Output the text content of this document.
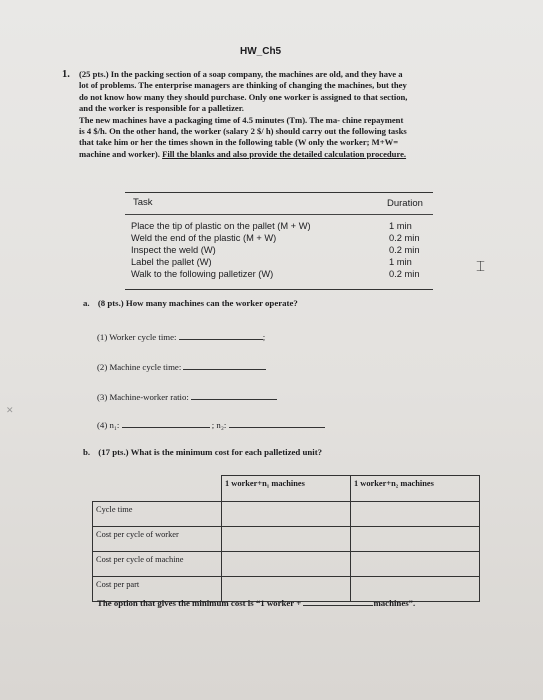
HW_Ch5
1. (25 pts.) In the packing section of a soap company, the machines are old, and they have a

lot of problems. The enterprise managers are thinking of changing the machines, but they

do not know how many they should purchase. Only one worker is assigned to that section,

and the worker is responsible for a palletizer.

The new machines have a packaging time of 4.5 minutes (Tm). The ma- chine repayment

is 4 $/h. On the other hand, the worker (salary 2 $/ h) should carry out the following tasks

that take him or her the times shown in the following table (W only the worker; M+W=

machine and worker). Fill the blanks and also provide the detailed calculation procedure.

Task	Duration
Place the tip of plastic on the pallet (M + W)	1 min
Weld the end of the plastic (M + W)	0.2 min
Inspect the weld (W)	0.2 min
Label the pallet (W)	1 min
Walk to the following palletizer (W)	0.2 min	⌶
✕
a. (8 pts.) How many machines can the worker operate?
(1) Worker cycle time:	;
(2) Machine cycle time:
(3) Machine-worker ratio:
(4) n₁:	; n₂:
b. (17 pts.) What is the minimum cost for each palletized unit?
	1 worker+n₁ machines	1 worker+n₂ machines
Cycle time		
Cost per cycle of worker		
Cost per cycle of machine		
Cost per part		
The option that gives the minimum cost is “1 worker +	machines”.
